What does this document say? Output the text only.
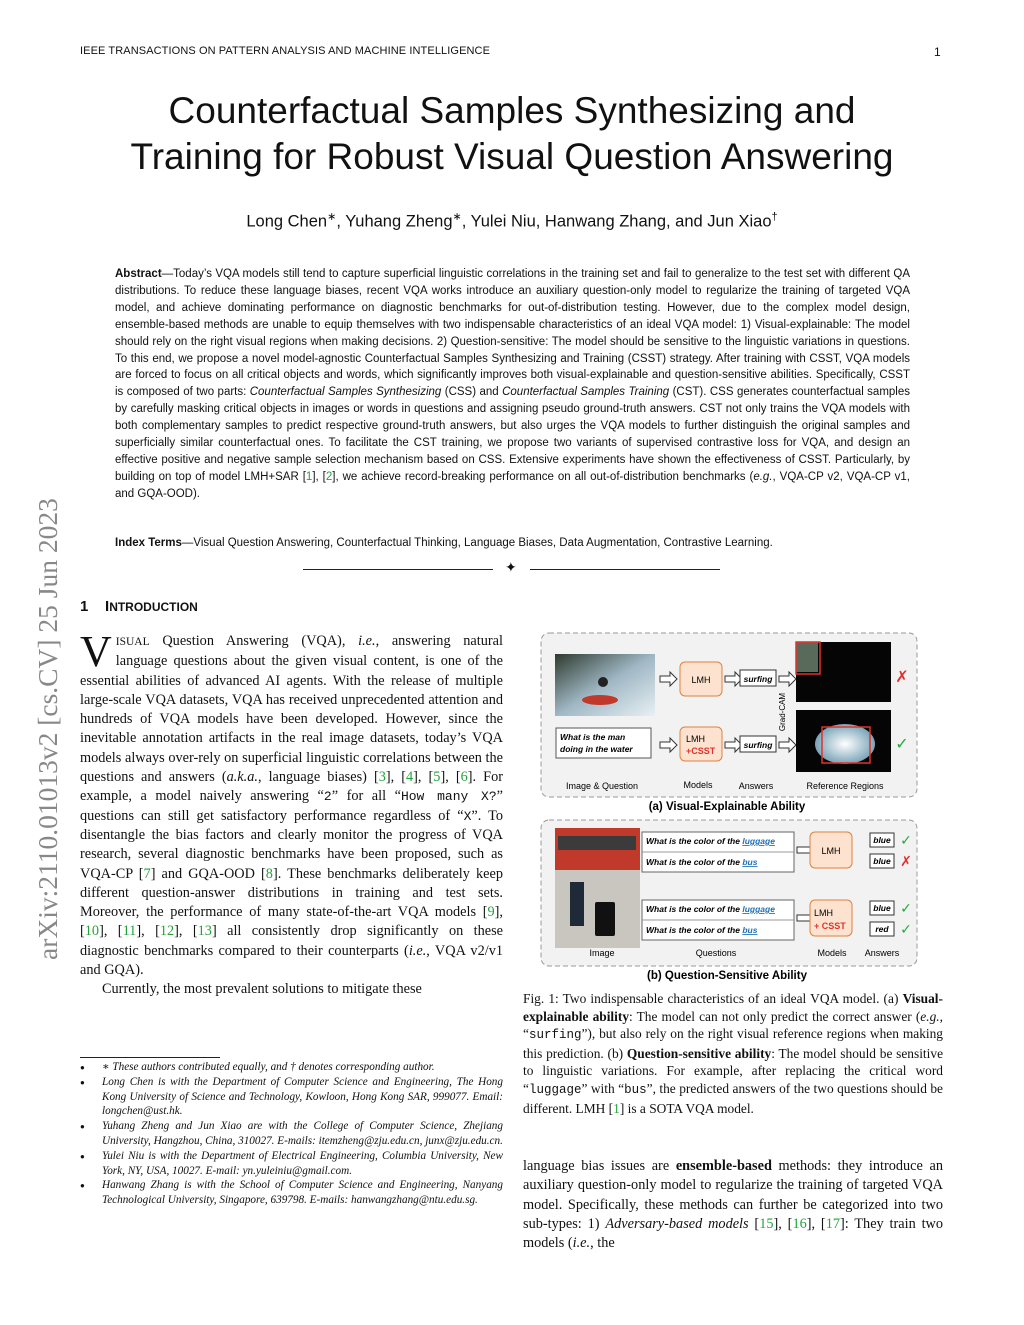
IEEE TRANSACTIONS ON PATTERN ANALYSIS AND MACHINE INTELLIGENCE	1
Counterfactual Samples Synthesizing and
Training for Robust Visual Question Answering
Long Chen∗, Yuhang Zheng∗, Yulei Niu, Hanwang Zhang, and Jun Xiao†
Abstract—Today’s VQA models still tend to capture superficial linguistic correlations in the training set and fail to generalize to the test set with different QA distributions. To reduce these language biases, recent VQA works introduce an auxiliary question-only model to regularize the training of targeted VQA model, and achieve dominating performance on diagnostic benchmarks for out-of-distribution testing. However, due to the complex model design, ensemble-based methods are unable to equip themselves with two indispensable characteristics of an ideal VQA model: 1) Visual-explainable: The model should rely on the right visual regions when making decisions. 2) Question-sensitive: The model should be sensitive to the linguistic variations in questions. To this end, we propose a novel model-agnostic Counterfactual Samples Synthesizing and Training (CSST) strategy. After training with CSST, VQA models are forced to focus on all critical objects and words, which significantly improves both visual-explainable and question-sensitive abilities. Specifically, CSST is composed of two parts: Counterfactual Samples Synthesizing (CSS) and Counterfactual Samples Training (CST). CSS generates counterfactual samples by carefully masking critical objects in images or words in questions and assigning pseudo ground-truth answers. CST not only trains the VQA models with both complementary samples to predict respective ground-truth answers, but also urges the VQA models to further distinguish the original samples and superficially similar counterfactual ones. To facilitate the CST training, we propose two variants of supervised contrastive loss for VQA, and design an effective positive and negative sample selection mechanism based on CSS. Extensive experiments have shown the effectiveness of CSST. Particularly, by building on top of model LMH+SAR [1], [2], we achieve record-breaking performance on all out-of-distribution benchmarks (e.g., VQA-CP v2, VQA-CP v1, and GQA-OOD).
Index Terms—Visual Question Answering, Counterfactual Thinking, Language Biases, Data Augmentation, Contrastive Learning.
✦
arXiv:2110.01013v2 [cs.CV] 25 Jun 2023	1 INTRODUCTION
VISUAL Question Answering (VQA), i.e., answering natural language questions about the given visual content, is one of the essential abilities of advanced AI agents. With the release of multiple large-scale VQA datasets, VQA has received unprecedented attention and hundreds of VQA models have been developed. However, since the inevitable annotation artifacts in the real image datasets, today’s VQA models always over-rely on superficial linguistic correlations between the questions and answers (a.k.a., language biases) [3], [4], [5], [6]. For example, a model naively answering “2” for all “How many X?” questions can still get satisfactory performance regardless of “X”. To disentangle the bias factors and clearly monitor the progress of VQA research, several diagnostic benchmarks have been proposed, such as VQA-CP [7] and GQA-OOD [8]. These benchmarks deliberately keep different question-answer distributions in training and test sets. Moreover, the performance of many state-of-the-art VQA models [9], [10], [11], [12], [13] all consistently drop significantly on these diagnostic benchmarks compared to their counterparts (i.e., VQA v2/v1 and GQA).
Currently, the most prevalent solutions to mitigate these
● ∗ These authors contributed equally, and † denotes corresponding author.
● Long Chen is with the Department of Computer Science and Engineering, The Hong Kong University of Science and Technology, Kowloon, Hong Kong SAR, 999077. Email: longchen@ust.hk.
● Yuhang Zheng and Jun Xiao are with the College of Computer Science, Zhejiang University, Hangzhou, China, 310027. E-mails: itemzheng@zju.edu.cn, junx@zju.edu.cn.
● Yulei Niu is with the Department of Electrical Engineering, Columbia University, New York, NY, USA, 10027. E-mail: yn.yuleiniu@gmail.com.
● Hanwang Zhang is with the School of Computer Science and Engineering, Nanyang Technological University, Singapore, 639798. E-mails: hanwangzhang@ntu.edu.sg.
What is the man
doing in the water
LMH
LMH
+CSST
surfing
surfing
Grad-CAM
✗
✓
Image & Question	Models	Answers	Reference Regions
(a) Visual-Explainable Ability
What is the color of the luggage
What is the color of the bus
What is the color of the luggage
What is the color of the bus
LMH
LMH
+ CSST
blue
blue
blue
red
✓
✗
✓
✓
Image	Questions	Models Answers
(b) Question-Sensitive Ability
Fig. 1: Two indispensable characteristics of an ideal VQA model. (a) Visual-explainable ability: The model can not only predict the correct answer (e.g., “surfing”), but also rely on the right visual reference regions when making this prediction. (b) Question-sensitive ability: The model should be sensitive to linguistic variations. For example, after replacing the critical word “luggage” with “bus”, the predicted answers of the two questions should be different. LMH [1] is a SOTA VQA model.
language bias issues are ensemble-based methods: they introduce an auxiliary question-only model to regularize the training of targeted VQA model. Specifically, these methods can further be categorized into two sub-types: 1) Adversary-based models [15], [16], [17]: They train two models (i.e., the
